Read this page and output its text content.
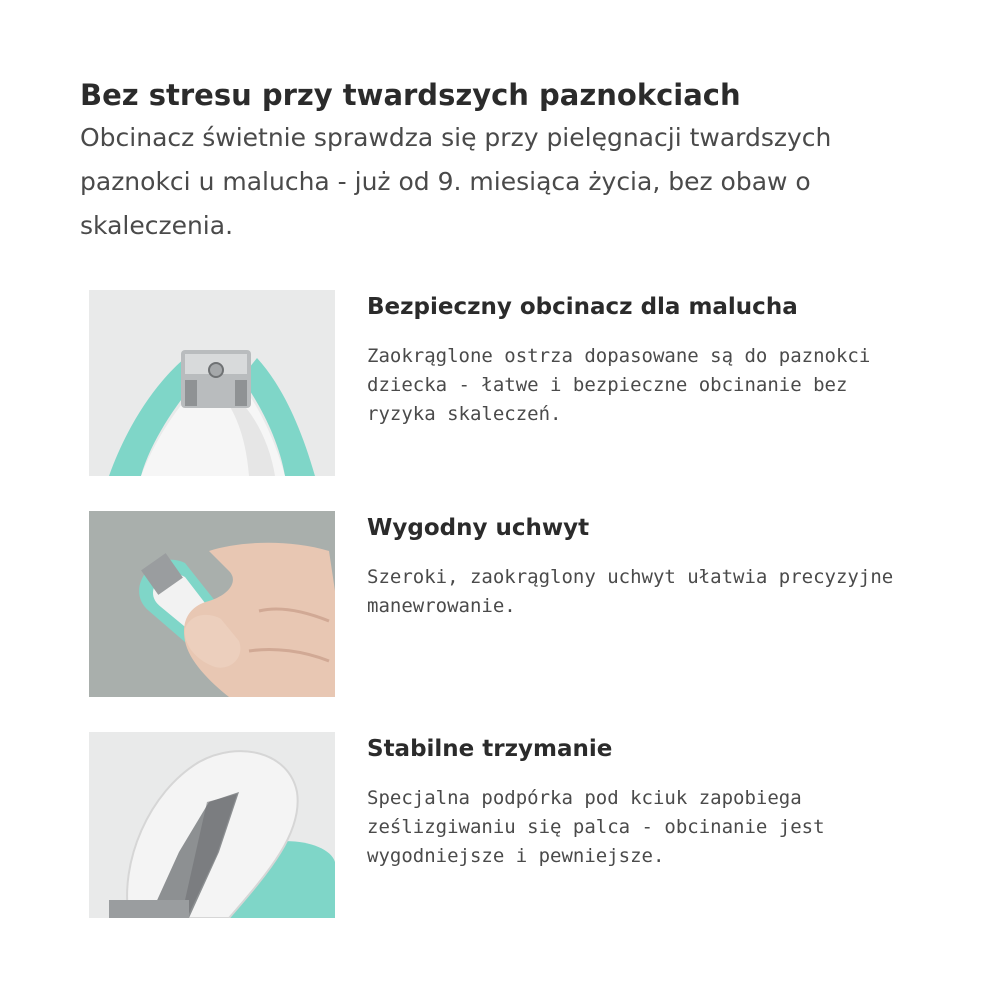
Bez stresu przy twardszych paznokciach

Obcinacz świetnie sprawdza się przy pielęgnacji twardszych paznokci u malucha - już od 9. miesiąca życia, bez obaw o skaleczenia.

Bezpieczny obcinacz dla malucha

Zaokrąglone ostrza dopasowane są do paznokci dziecka - łatwe i bezpieczne obcinanie bez ryzyka skaleczeń.

Wygodny uchwyt

Szeroki, zaokrąglony uchwyt ułatwia precyzyjne manewrowanie.

Stabilne trzymanie

Specjalna podpórka pod kciuk zapobiega ześlizgiwaniu się palca - obcinanie jest wygodniejsze i pewniejsze.
